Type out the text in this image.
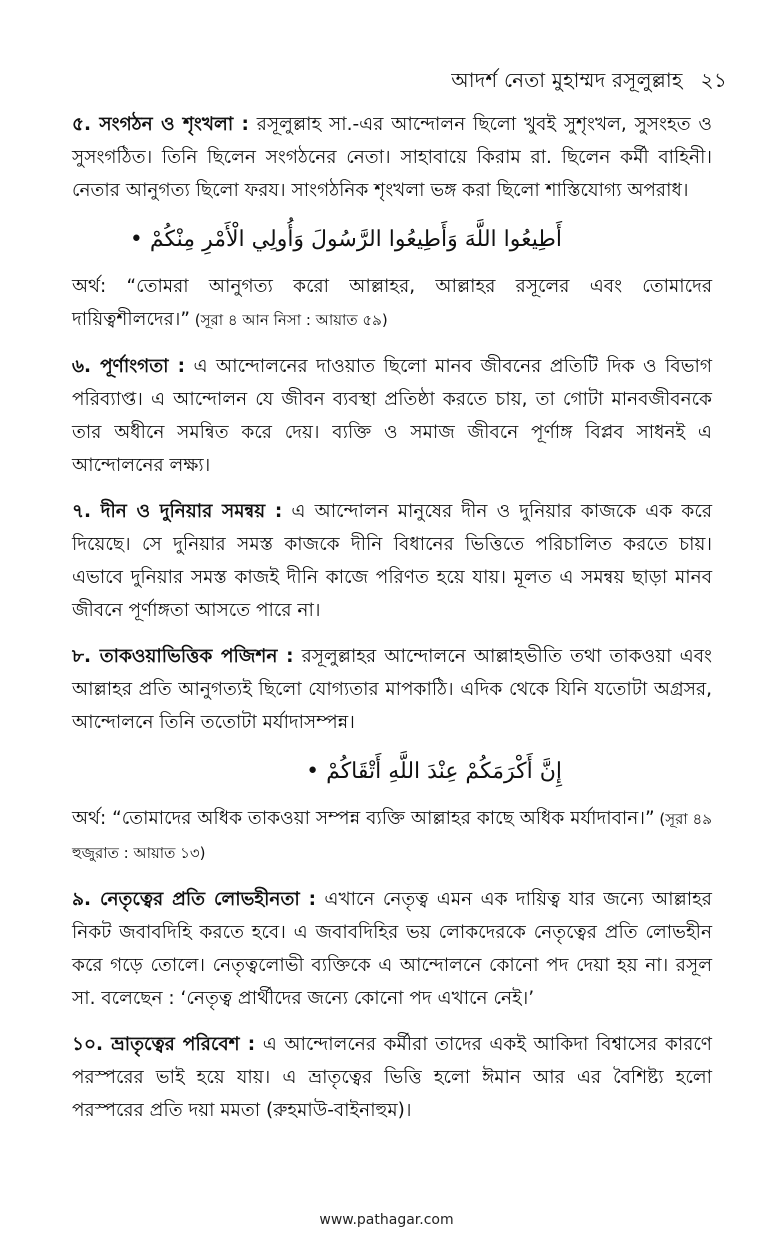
আদর্শ নেতা মুহাম্মদ রসূলুল্লাহ ২১

৫. সংগঠন ও শৃংখলা : রসূলুল্লাহ সা.-এর আন্দোলন ছিলো খুবই সুশৃংখল, সুসংহত ও সুসংগঠিত। তিনি ছিলেন সংগঠনের নেতা। সাহাবায়ে কিরাম রা. ছিলেন কর্মী বাহিনী। নেতার আনুগত্য ছিলো ফরয। সাংগঠনিক শৃংখলা ভঙ্গ করা ছিলো শাস্তিযোগ্য অপরাধ।

أَطِيعُوا اللَّهَ وَأَطِيعُوا الرَّسُولَ وَأُولِي الْأَمْرِ مِنْكُمْ •

অর্থ: “তোমরা আনুগত্য করো আল্লাহর, আল্লাহর রসূলের এবং তোমাদের দায়িত্বশীলদের।” (সূরা ৪ আন নিসা : আয়াত ৫৯)

৬. পূর্ণাংগতা : এ আন্দোলনের দাওয়াত ছিলো মানব জীবনের প্রতিটি দিক ও বিভাগ পরিব্যাপ্ত। এ আন্দোলন যে জীবন ব্যবস্থা প্রতিষ্ঠা করতে চায়, তা গোটা মানবজীবনকে তার অধীনে সমন্বিত করে দেয়। ব্যক্তি ও সমাজ জীবনে পূর্ণাঙ্গ বিপ্লব সাধনই এ আন্দোলনের লক্ষ্য।

৭. দীন ও দুনিয়ার সমন্বয় : এ আন্দোলন মানুষের দীন ও দুনিয়ার কাজকে এক করে দিয়েছে। সে দুনিয়ার সমস্ত কাজকে দীনি বিধানের ভিত্তিতে পরিচালিত করতে চায়। এভাবে দুনিয়ার সমস্ত কাজই দীনি কাজে পরিণত হয়ে যায়। মূলত এ সমন্বয় ছাড়া মানব জীবনে পূর্ণাঙ্গতা আসতে পারে না।

৮. তাকওয়াভিত্তিক পজিশন : রসূলুল্লাহর আন্দোলনে আল্লাহভীতি তথা তাকওয়া এবং আল্লাহর প্রতি আনুগত্যই ছিলো যোগ্যতার মাপকাঠি। এদিক থেকে যিনি যতোটা অগ্রসর, আন্দোলনে তিনি ততোটা মর্যাদাসম্পন্ন।

إِنَّ أَكْرَمَكُمْ عِنْدَ اللَّهِ أَتْقَاكُمْ •

অর্থ: “তোমাদের অধিক তাকওয়া সম্পন্ন ব্যক্তি আল্লাহর কাছে অধিক মর্যাদাবান।” (সূরা ৪৯ হুজুরাত : আয়াত ১৩)

৯. নেতৃত্বের প্রতি লোভহীনতা : এখানে নেতৃত্ব এমন এক দায়িত্ব যার জন্যে আল্লাহর নিকট জবাবদিহি করতে হবে। এ জবাবদিহির ভয় লোকদেরকে নেতৃত্বের প্রতি লোভহীন করে গড়ে তোলে। নেতৃত্বলোভী ব্যক্তিকে এ আন্দোলনে কোনো পদ দেয়া হয় না। রসূল সা. বলেছেন : ‘নেতৃত্ব প্রার্থীদের জন্যে কোনো পদ এখানে নেই।’

১০. ভ্রাতৃত্বের পরিবেশ : এ আন্দোলনের কর্মীরা তাদের একই আকিদা বিশ্বাসের কারণে পরস্পরের ভাই হয়ে যায়। এ ভ্রাতৃত্বের ভিত্তি হলো ঈমান আর এর বৈশিষ্ট্য হলো পরস্পরের প্রতি দয়া মমতা (রুহমাউ-বাইনাহুম)।

www.pathagar.com
